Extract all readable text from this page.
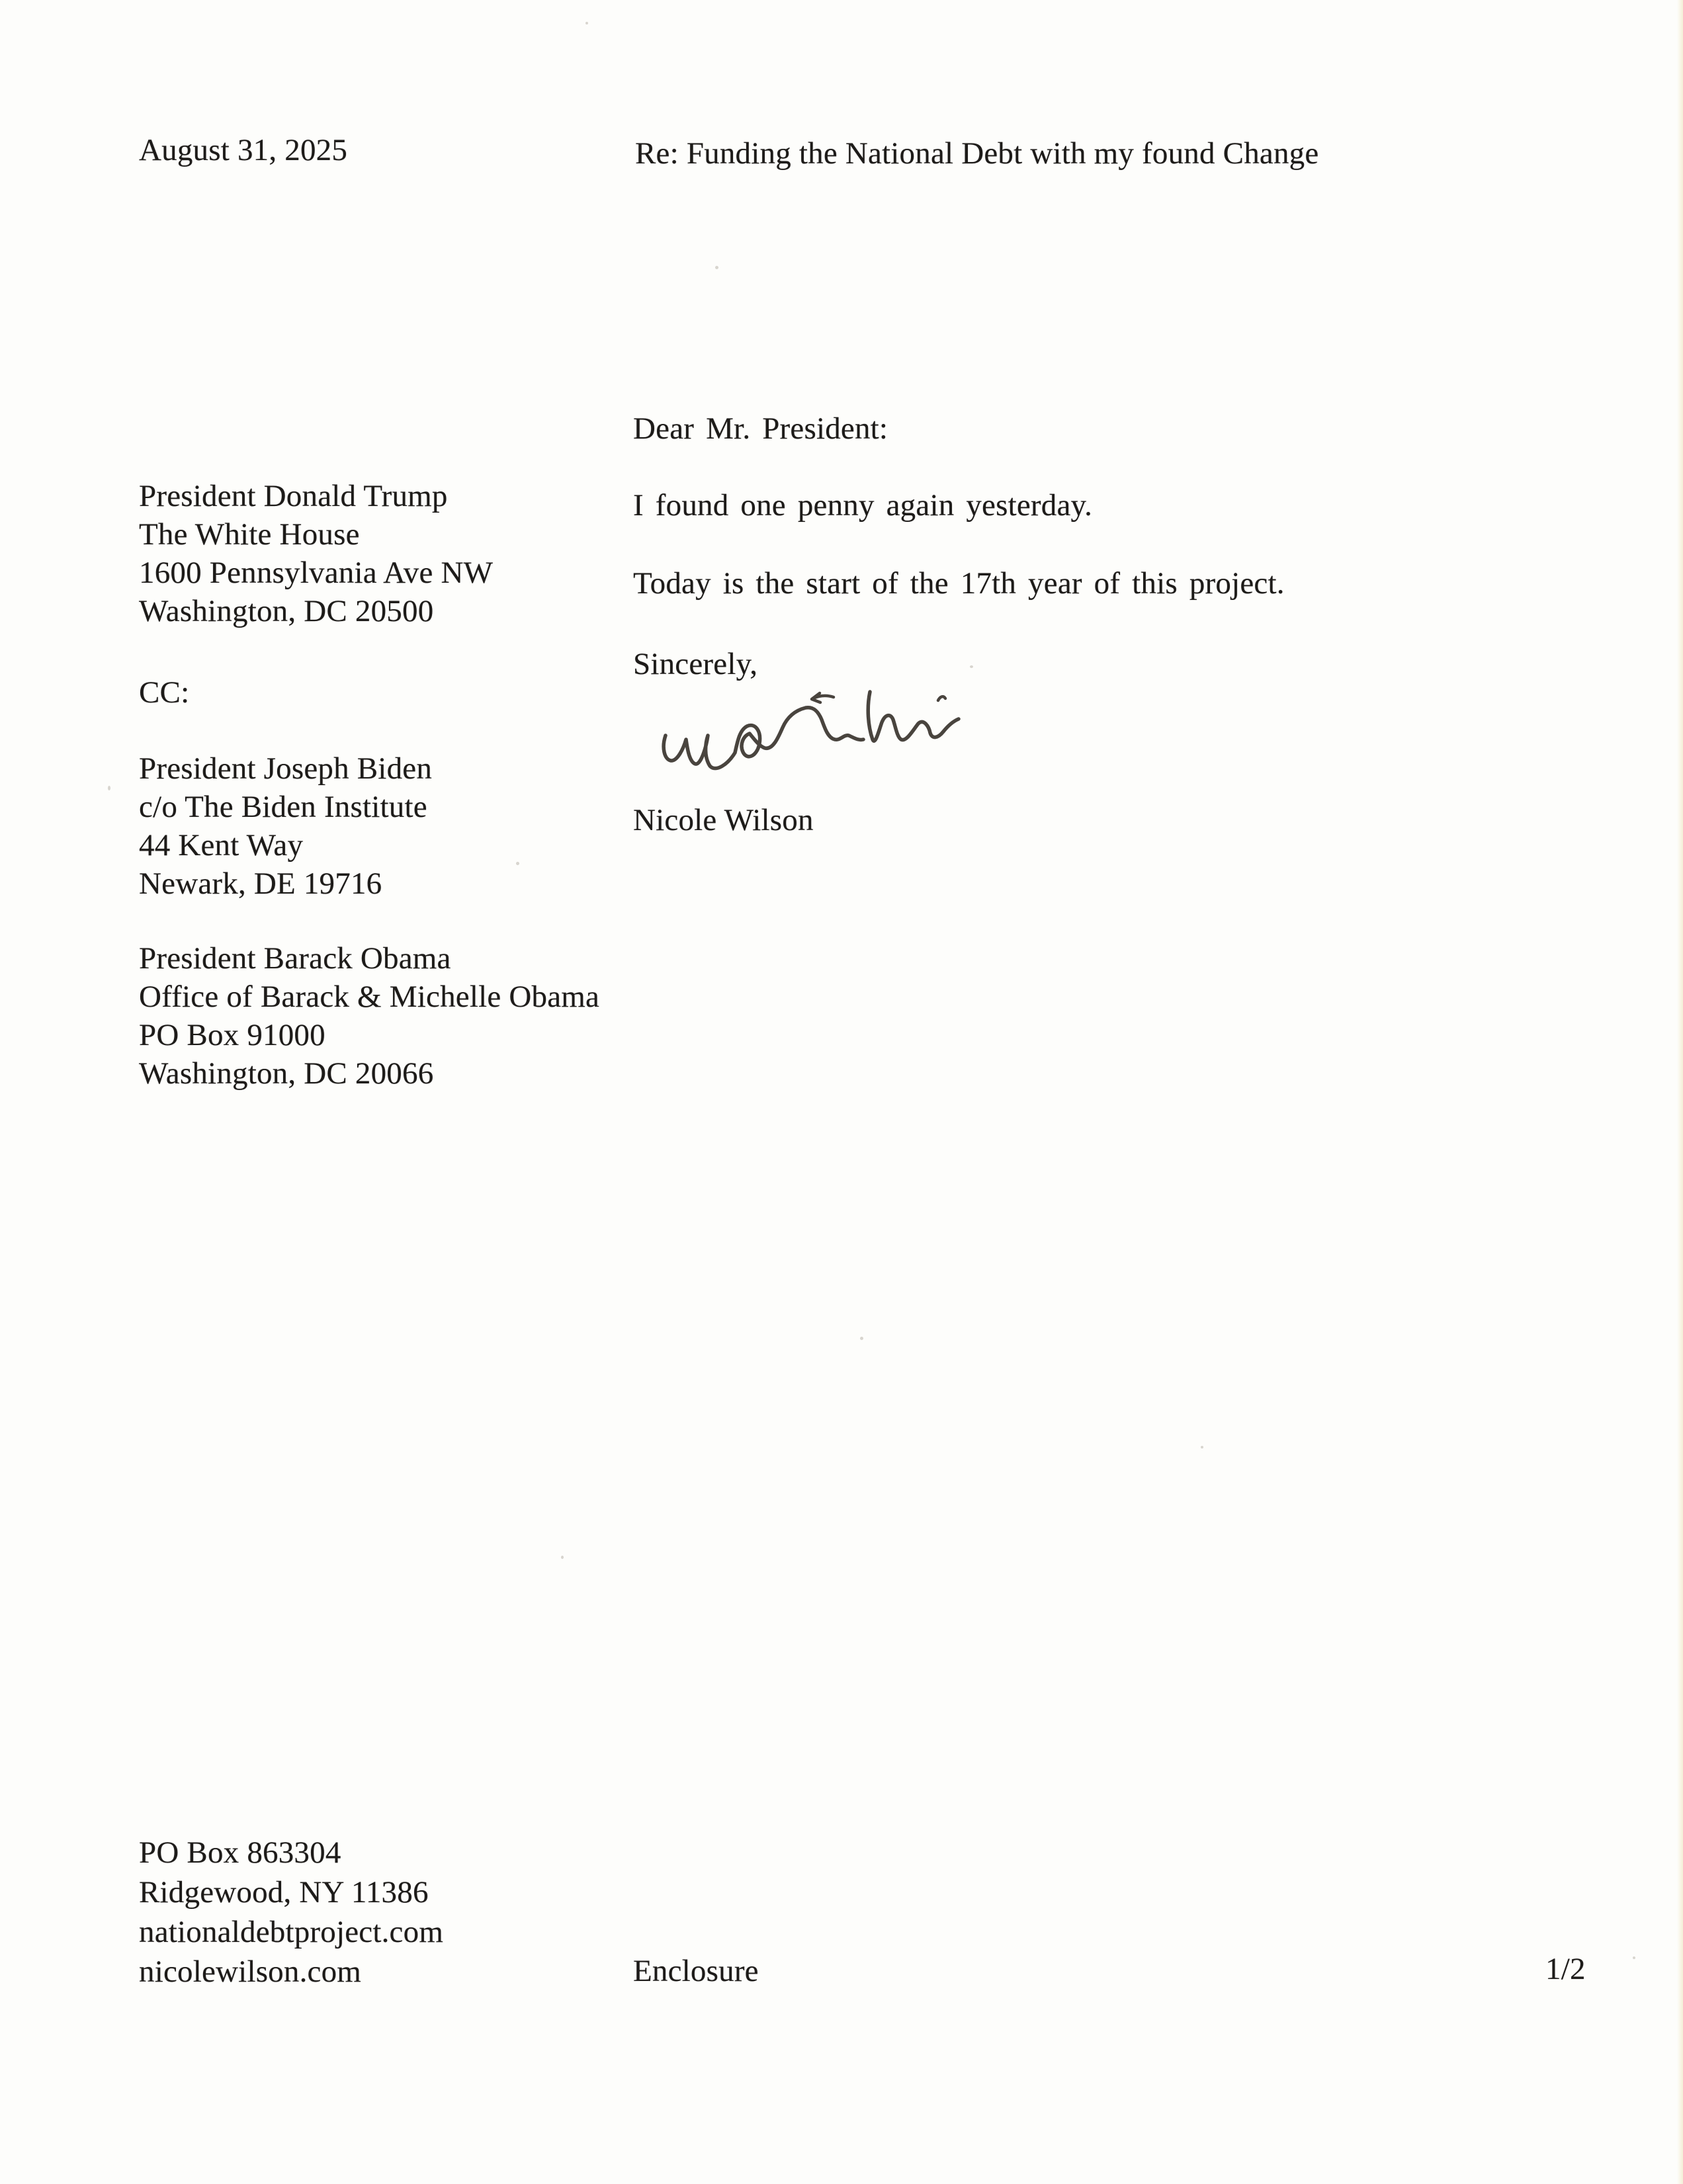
August 31, 2025	Re: Funding the National Debt with my found Change
Dear Mr. President:
I found one penny again yesterday.
Today is the start of the 17th year of this project.
Sincerely,
Nicole Wilson
President Donald Trump
The White House
1600 Pennsylvania Ave NW
Washington, DC 20500
CC:
President Joseph Biden
c/o The Biden Institute
44 Kent Way
Newark, DE 19716
President Barack Obama
Office of Barack & Michelle Obama
PO Box 91000
Washington, DC 20066
PO Box 863304
Ridgewood, NY 11386
nationaldebtproject.com
nicolewilson.com	Enclosure	1/2
